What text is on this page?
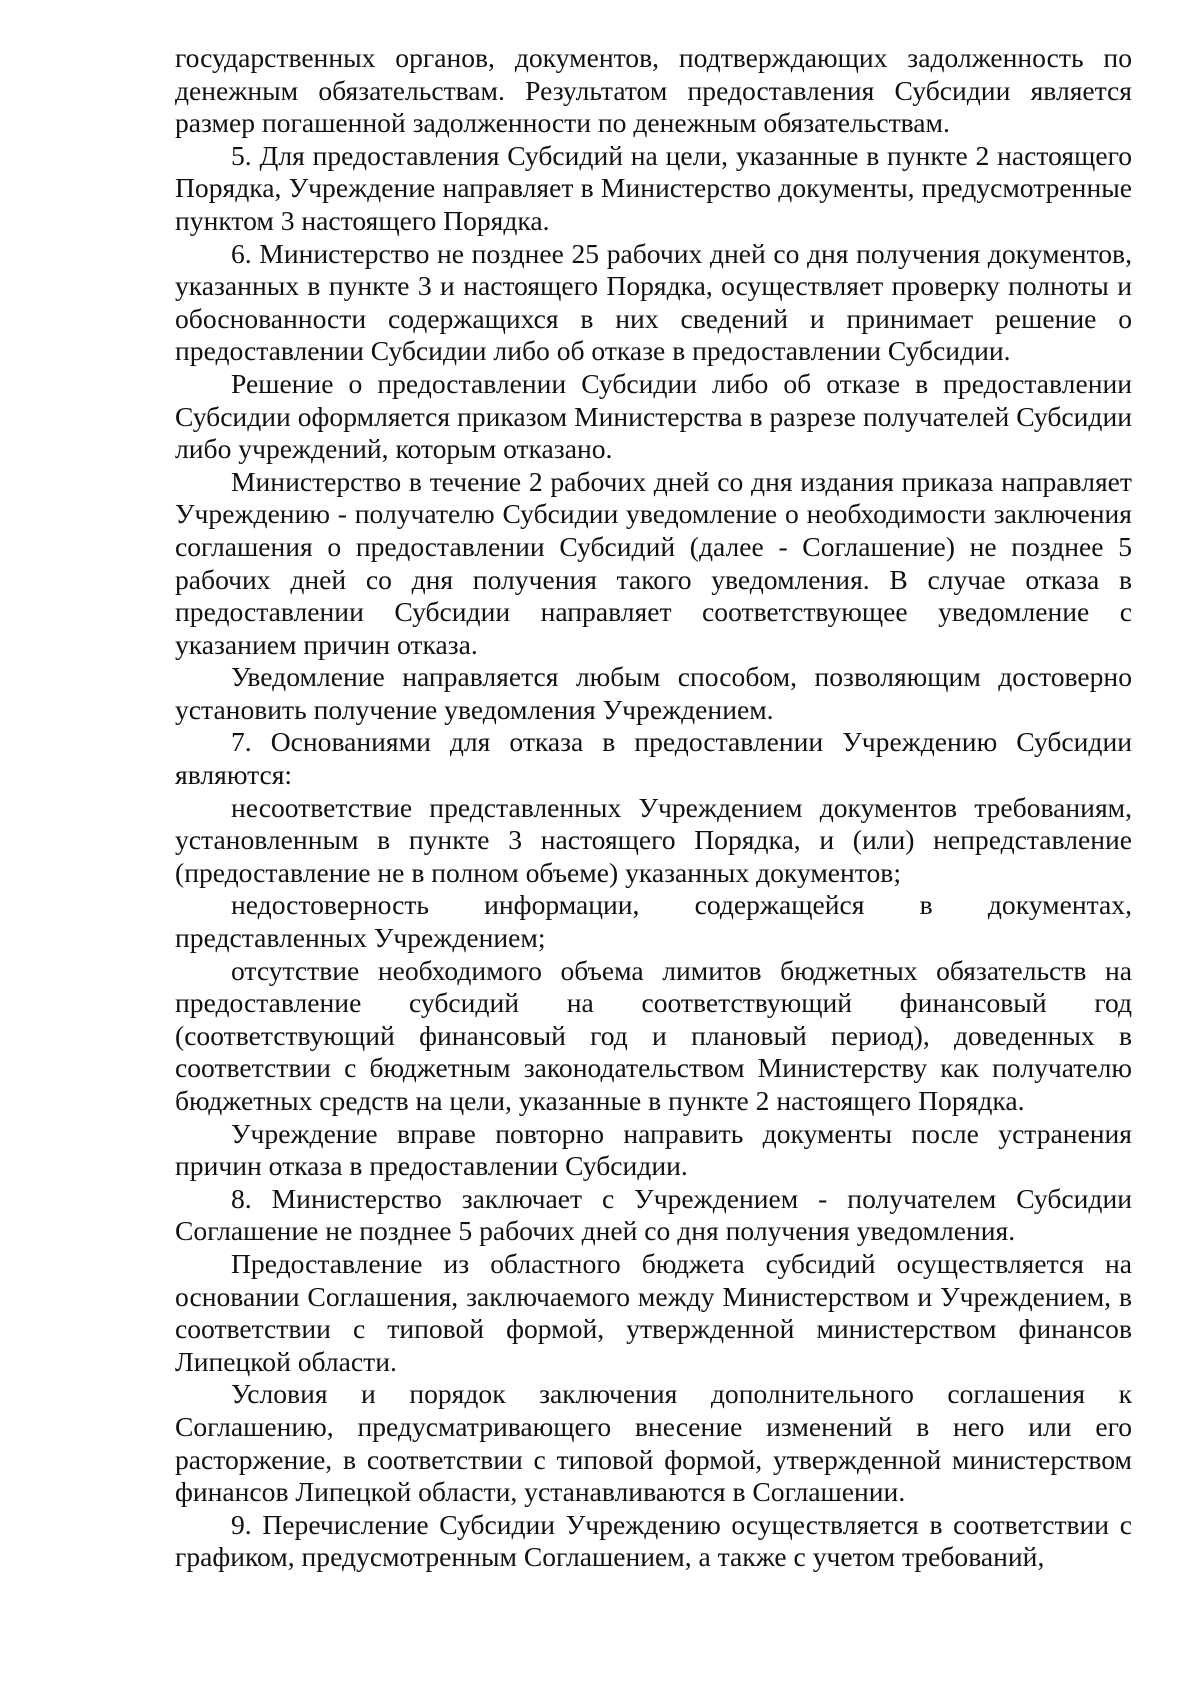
государственных органов, документов, подтверждающих задолженность по денежным обязательствам. Результатом предоставления Субсидии является размер погашенной задолженности по денежным обязательствам.

5. Для предоставления Субсидий на цели, указанные в пункте 2 настоящего Порядка, Учреждение направляет в Министерство документы, предусмотренные пунктом 3 настоящего Порядка.

6. Министерство не позднее 25 рабочих дней со дня получения документов, указанных в пункте 3 и настоящего Порядка, осуществляет проверку полноты и обоснованности содержащихся в них сведений и принимает решение о предоставлении Субсидии либо об отказе в предоставлении Субсидии.

Решение о предоставлении Субсидии либо об отказе в предоставлении Субсидии оформляется приказом Министерства в разрезе получателей Субсидии либо учреждений, которым отказано.

Министерство в течение 2 рабочих дней со дня издания приказа направляет Учреждению - получателю Субсидии уведомление о необходимости заключения соглашения о предоставлении Субсидий (далее - Соглашение) не позднее 5 рабочих дней со дня получения такого уведомления. В случае отказа в предоставлении Субсидии направляет соответствующее уведомление с указанием причин отказа.

Уведомление направляется любым способом, позволяющим достоверно установить получение уведомления Учреждением.

7. Основаниями для отказа в предоставлении Учреждению Субсидии являются:

несоответствие представленных Учреждением документов требованиям, установленным в пункте 3 настоящего Порядка, и (или) непредставление (предоставление не в полном объеме) указанных документов;

недостоверность информации, содержащейся в документах, представленных Учреждением;

отсутствие необходимого объема лимитов бюджетных обязательств на предоставление субсидий на соответствующий финансовый год (соответствующий финансовый год и плановый период), доведенных в соответствии с бюджетным законодательством Министерству как получателю бюджетных средств на цели, указанные в пункте 2 настоящего Порядка.

Учреждение вправе повторно направить документы после устранения причин отказа в предоставлении Субсидии.

8. Министерство заключает с Учреждением - получателем Субсидии Соглашение не позднее 5 рабочих дней со дня получения уведомления.

Предоставление из областного бюджета субсидий осуществляется на основании Соглашения, заключаемого между Министерством и Учреждением, в соответствии с типовой формой, утвержденной министерством финансов Липецкой области.

Условия и порядок заключения дополнительного соглашения к Соглашению, предусматривающего внесение изменений в него или его расторжение, в соответствии с типовой формой, утвержденной министерством финансов Липецкой области, устанавливаются в Соглашении.

9. Перечисление Субсидии Учреждению осуществляется в соответствии с графиком, предусмотренным Соглашением, а также с учетом требований,
